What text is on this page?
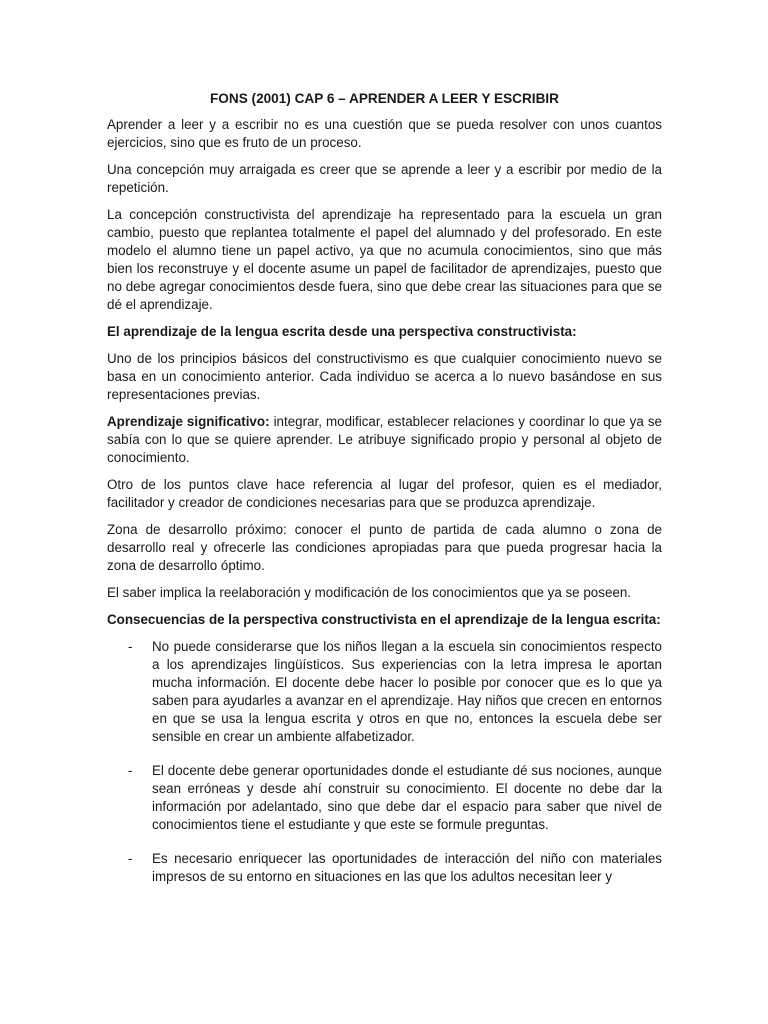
FONS (2001) CAP 6 – APRENDER A LEER Y ESCRIBIR

Aprender a leer y a escribir no es una cuestión que se pueda resolver con unos cuantos ejercicios, sino que es fruto de un proceso.

Una concepción muy arraigada es creer que se aprende a leer y a escribir por medio de la repetición.

La concepción constructivista del aprendizaje ha representado para la escuela un gran cambio, puesto que replantea totalmente el papel del alumnado y del profesorado. En este modelo el alumno tiene un papel activo, ya que no acumula conocimientos, sino que más bien los reconstruye y el docente asume un papel de facilitador de aprendizajes, puesto que no debe agregar conocimientos desde fuera, sino que debe crear las situaciones para que se dé el aprendizaje.

El aprendizaje de la lengua escrita desde una perspectiva constructivista:

Uno de los principios básicos del constructivismo es que cualquier conocimiento nuevo se basa en un conocimiento anterior. Cada individuo se acerca a lo nuevo basándose en sus representaciones previas.

Aprendizaje significativo: integrar, modificar, establecer relaciones y coordinar lo que ya se sabía con lo que se quiere aprender. Le atribuye significado propio y personal al objeto de conocimiento.

Otro de los puntos clave hace referencia al lugar del profesor, quien es el mediador, facilitador y creador de condiciones necesarias para que se produzca aprendizaje.

Zona de desarrollo próximo: conocer el punto de partida de cada alumno o zona de desarrollo real y ofrecerle las condiciones apropiadas para que pueda progresar hacia la zona de desarrollo óptimo.

El saber implica la reelaboración y modificación de los conocimientos que ya se poseen.

Consecuencias de la perspectiva constructivista en el aprendizaje de la lengua escrita:

- No puede considerarse que los niños llegan a la escuela sin conocimientos respecto a los aprendizajes lingüísticos. Sus experiencias con la letra impresa le aportan mucha información. El docente debe hacer lo posible por conocer que es lo que ya saben para ayudarles a avanzar en el aprendizaje. Hay niños que crecen en entornos en que se usa la lengua escrita y otros en que no, entonces la escuela debe ser sensible en crear un ambiente alfabetizador.
- El docente debe generar oportunidades donde el estudiante dé sus nociones, aunque sean erróneas y desde ahí construir su conocimiento. El docente no debe dar la información por adelantado, sino que debe dar el espacio para saber que nivel de conocimientos tiene el estudiante y que este se formule preguntas.
- Es necesario enriquecer las oportunidades de interacción del niño con materiales impresos de su entorno en situaciones en las que los adultos necesitan leer y
